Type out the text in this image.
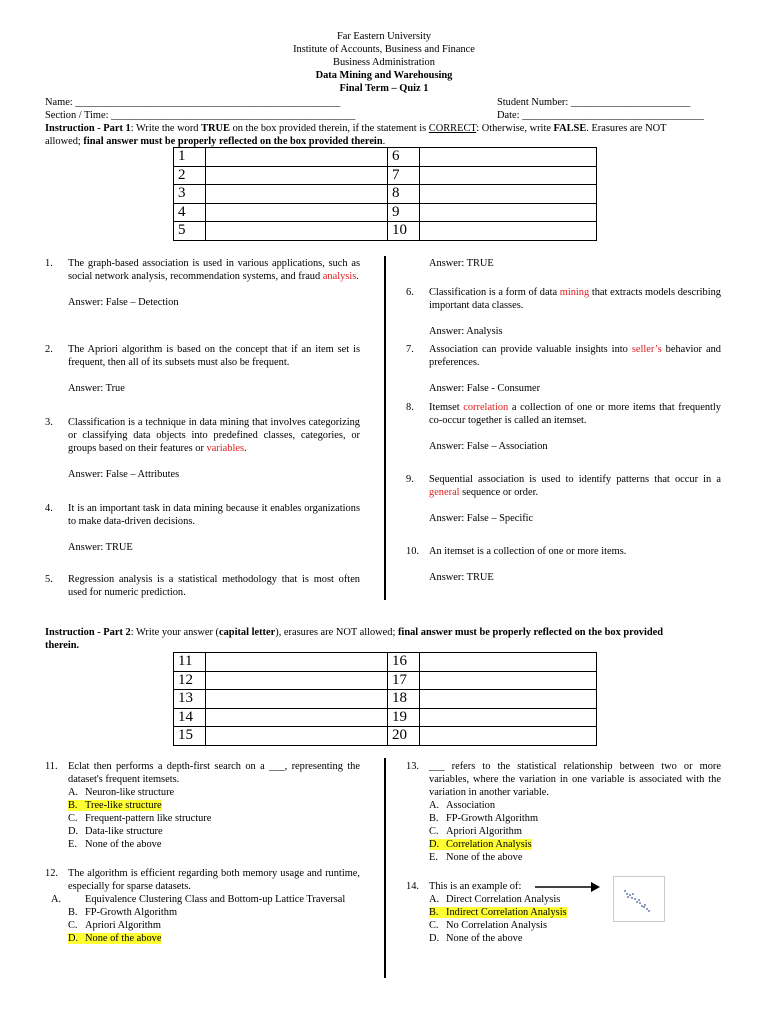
Far Eastern University
Institute of Accounts, Business and Finance
Business Administration
Data Mining and Warehousing
Final Term – Quiz 1
Name: ___________________________________________________
Section / Time: _______________________________________________
Student Number: _______________________
Date: ___________________________________
Instruction - Part 1: Write the word TRUE on the box provided therein, if the statement is CORRECT: Otherwise, write FALSE. Erasures are NOT
allowed; final answer must be properly reflected on the box provided therein.
1		6	
2		7	
3		8	
4		9	
5		10	
1. The graph-based association is used in various applications, such as social network analysis, recommendation systems, and fraud analysis.
Answer: False – Detection
2. The Apriori algorithm is based on the concept that if an item set is frequent, then all of its subsets must also be frequent.
Answer: True
3. Classification is a technique in data mining that involves categorizing or classifying data objects into predefined classes, categories, or groups based on their features or variables.
Answer: False – Attributes
4. It is an important task in data mining because it enables organizations to make data-driven decisions.
Answer: TRUE
5. Regression analysis is a statistical methodology that is most often used for numeric prediction.
Answer: TRUE
6. Classification is a form of data mining that extracts models describing important data classes.
Answer: Analysis
7. Association can provide valuable insights into seller’s behavior and preferences.
Answer: False - Consumer
8. Itemset correlation a collection of one or more items that frequently co-occur together is called an itemset.
Answer: False – Association
9. Sequential association is used to identify patterns that occur in a general sequence or order.
Answer: False – Specific
10. An itemset is a collection of one or more items.
Answer: TRUE
Instruction - Part 2: Write your answer (capital letter), erasures are NOT allowed; final answer must be properly reflected on the box provided
therein.
11		16	
12		17	
13		18	
14		19	
15		20	
11. Eclat then performs a depth-first search on a ___, representing the dataset's frequent itemsets.
A. Neuron-like structure
B. Tree-like structure
C. Frequent-pattern like structure
D. Data-like structure
E. None of the above
12. The algorithm is efficient regarding both memory usage and runtime, especially for sparse datasets.
A. Equivalence Clustering Class and Bottom-up Lattice Traversal
B. FP-Growth Algorithm
C. Apriori Algorithm
D. None of the above
13. ___ refers to the statistical relationship between two or more variables, where the variation in one variable is associated with the variation in another variable.
A. Association
B. FP-Growth Algorithm
C. Apriori Algorithm
D. Correlation Analysis
E. None of the above
14. This is an example of:
A. Direct Correlation Analysis
B. Indirect Correlation Analysis
C. No Correlation Analysis
D. None of the above
